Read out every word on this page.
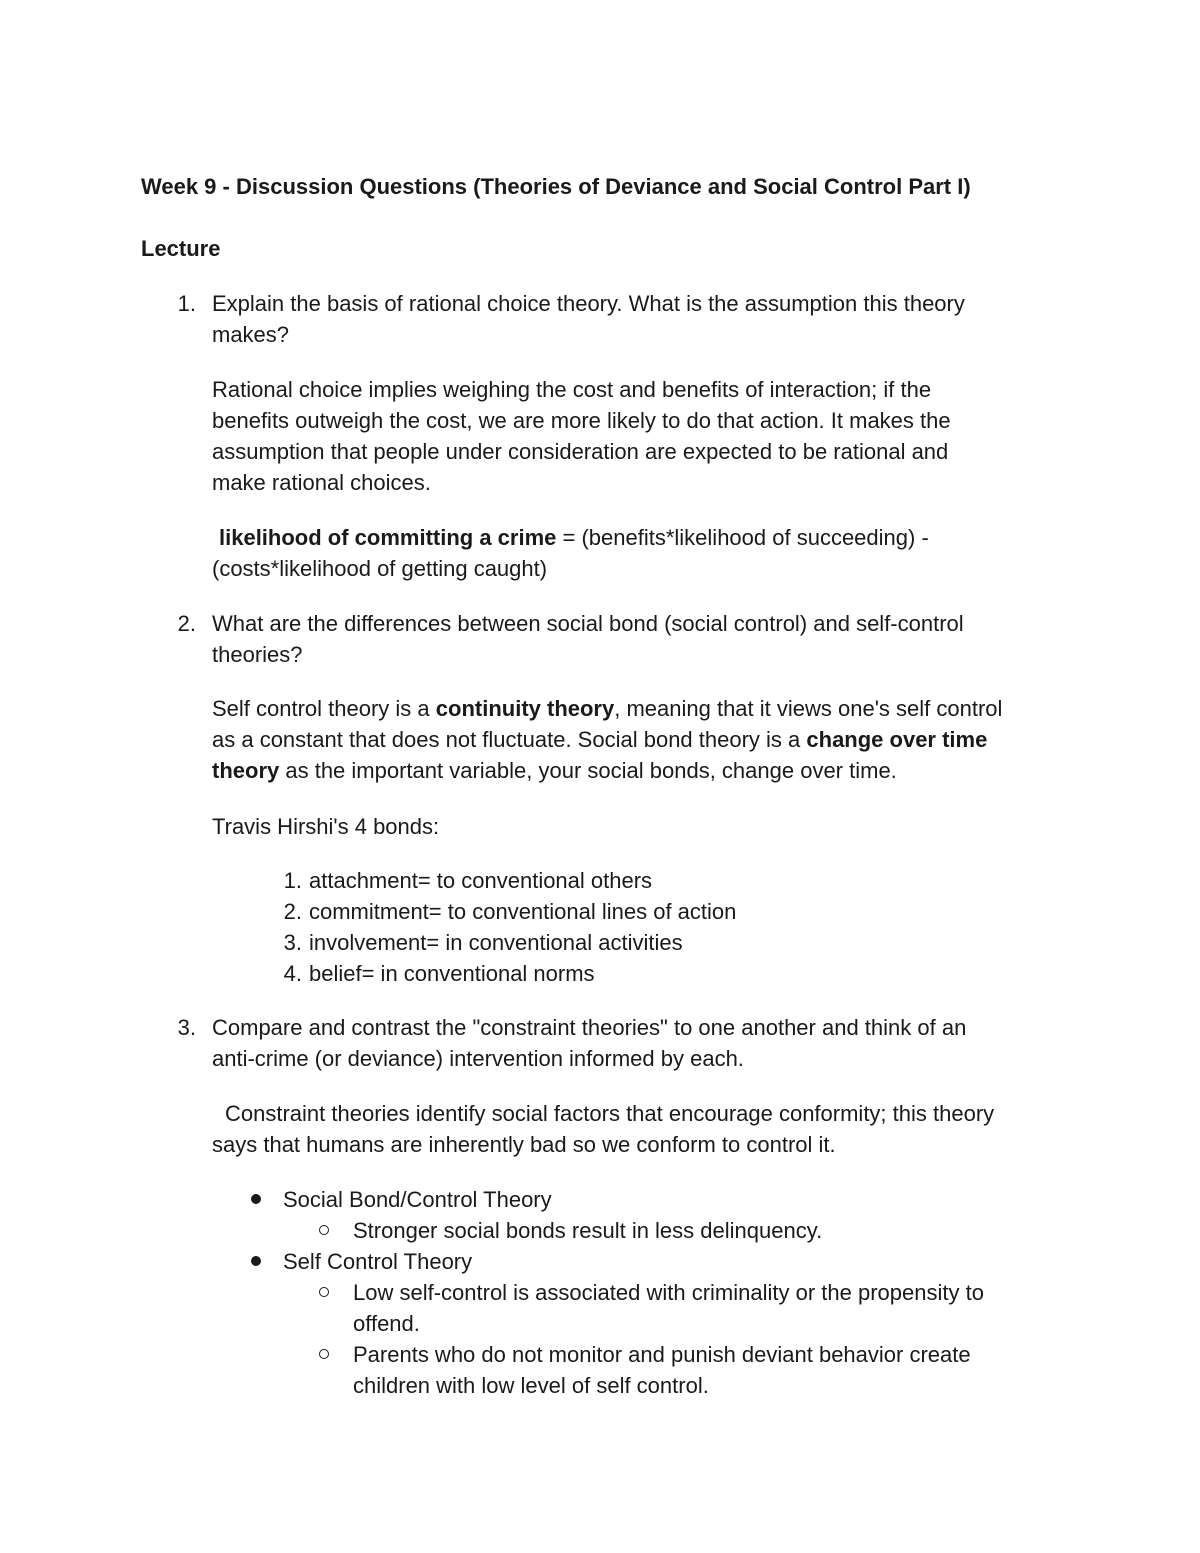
Week 9 - Discussion Questions (Theories of Deviance and Social Control Part I)

Lecture

1. Explain the basis of rational choice theory. What is the assumption this theory

makes?

Rational choice implies weighing the cost and benefits of interaction; if the

benefits outweigh the cost, we are more likely to do that action. It makes the

assumption that people under consideration are expected to be rational and

make rational choices.

likelihood of committing a crime = (benefits*likelihood of succeeding) -

(costs*likelihood of getting caught)

2. What are the differences between social bond (social control) and self-control

theories?

Self control theory is a continuity theory, meaning that it views one's self control

as a constant that does not fluctuate. Social bond theory is a change over time

theory as the important variable, your social bonds, change over time.

Travis Hirshi's 4 bonds:

1. attachment= to conventional others

2. commitment= to conventional lines of action

3. involvement= in conventional activities

4. belief= in conventional norms

3. Compare and contrast the "constraint theories" to one another and think of an

anti-crime (or deviance) intervention informed by each.

Constraint theories identify social factors that encourage conformity; this theory

says that humans are inherently bad so we conform to control it.

Social Bond/Control Theory

Stronger social bonds result in less delinquency.

Self Control Theory

Low self-control is associated with criminality or the propensity to

offend.

Parents who do not monitor and punish deviant behavior create

children with low level of self control.
